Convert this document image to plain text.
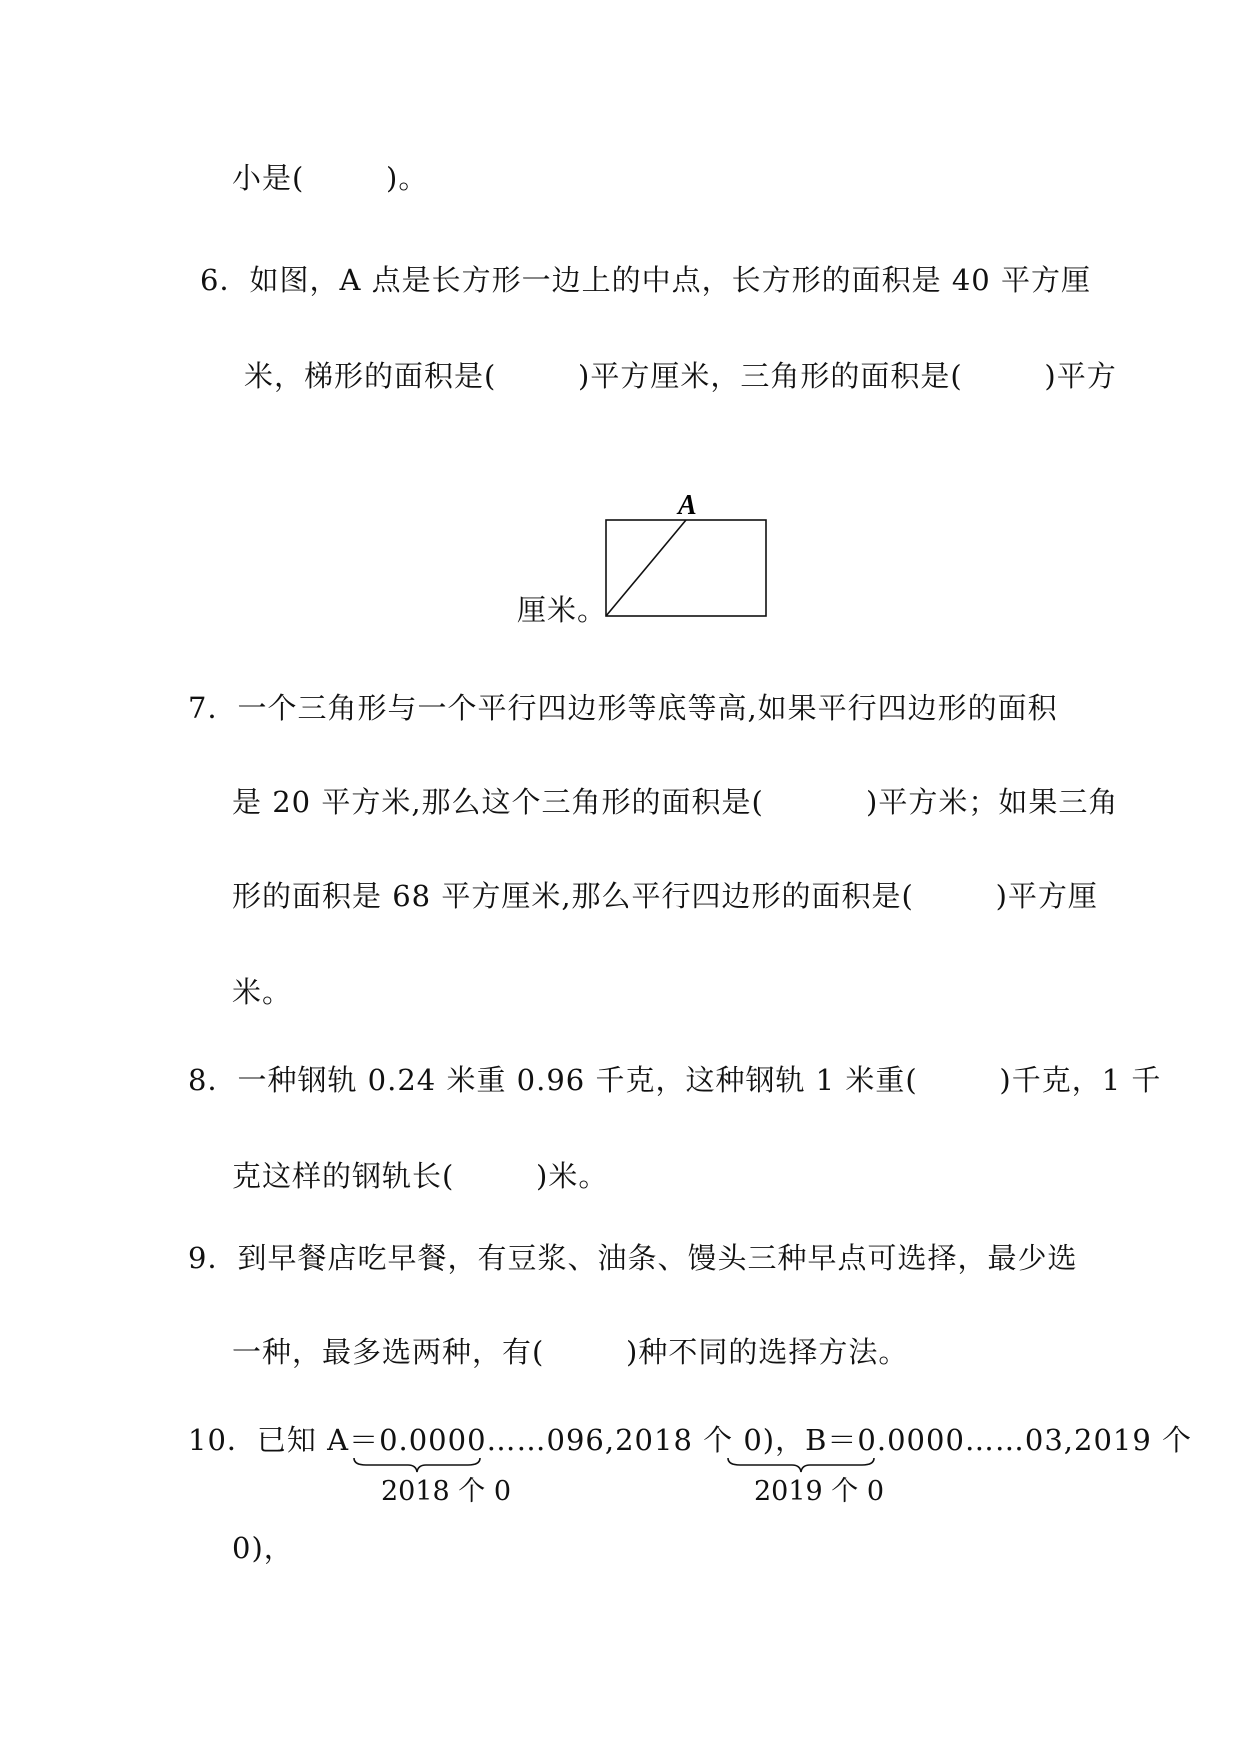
小是(        )。
6．如图，A 点是长方形一边上的中点，长方形的面积是 40 平方厘
米，梯形的面积是(        )平方厘米，三角形的面积是(        )平方
A
厘米。
7．一个三角形与一个平行四边形等底等高,如果平行四边形的面积
是 20 平方米,那么这个三角形的面积是(          )平方米；如果三角
形的面积是 68 平方厘米,那么平行四边形的面积是(        )平方厘
米。
8．一种钢轨 0.24 米重 0.96 千克，这种钢轨 1 米重(        )千克，1 千
克这样的钢轨长(        )米。
9．到早餐店吃早餐，有豆浆、油条、馒头三种早点可选择，最少选
一种，最多选两种，有(        )种不同的选择方法。
10．已知 A＝0.0000……096,2018 个 0)，B＝0.0000……03,2019 个
2018 个 0	2019 个 0
0)，
